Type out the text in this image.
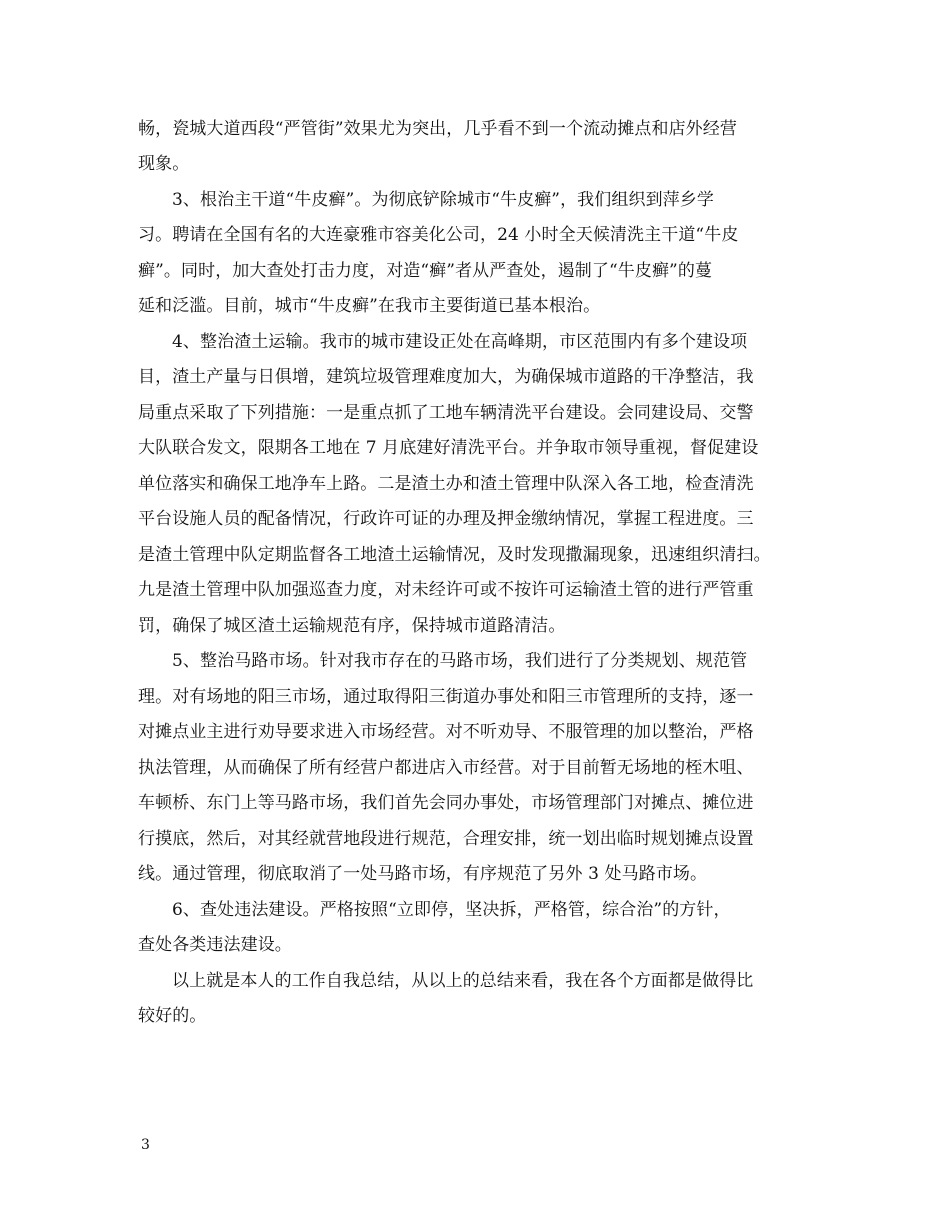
畅，瓷城大道西段“严管街”效果尤为突出，几乎看不到一个流动摊点和店外经营
现象。
3、根治主干道“牛皮癣”。为彻底铲除城市“牛皮癣”，我们组织到萍乡学
习。聘请在全国有名的大连豪雅市容美化公司，24 小时全天候清洗主干道“牛皮
癣”。同时，加大查处打击力度，对造“癣”者从严查处，遏制了“牛皮癣”的蔓
延和泛滥。目前，城市“牛皮癣”在我市主要街道已基本根治。
4、整治渣土运输。我市的城市建设正处在高峰期，市区范围内有多个建设项
目，渣土产量与日俱增，建筑垃圾管理难度加大，为确保城市道路的干净整洁，我
局重点采取了下列措施：一是重点抓了工地车辆清洗平台建设。会同建设局、交警
大队联合发文，限期各工地在 7 月底建好清洗平台。并争取市领导重视，督促建设
单位落实和确保工地净车上路。二是渣土办和渣土管理中队深入各工地，检查清洗
平台设施人员的配备情况，行政许可证的办理及押金缴纳情况，掌握工程进度。三
是渣土管理中队定期监督各工地渣土运输情况，及时发现撒漏现象，迅速组织清扫。
九是渣土管理中队加强巡查力度，对未经许可或不按许可运输渣土管的进行严管重
罚，确保了城区渣土运输规范有序，保持城市道路清洁。
5、整治马路市场。针对我市存在的马路市场，我们进行了分类规划、规范管
理。对有场地的阳三市场，通过取得阳三街道办事处和阳三市管理所的支持，逐一
对摊点业主进行劝导要求进入市场经营。对不听劝导、不服管理的加以整治，严格
执法管理，从而确保了所有经营户都进店入市经营。对于目前暂无场地的桎木咀、
车顿桥、东门上等马路市场，我们首先会同办事处，市场管理部门对摊点、摊位进
行摸底，然后，对其经就营地段进行规范，合理安排，统一划出临时规划摊点设置
线。通过管理，彻底取消了一处马路市场，有序规范了另外 3 处马路市场。
6、查处违法建设。严格按照“立即停，坚决拆，严格管，综合治”的方针，
查处各类违法建设。
以上就是本人的工作自我总结，从以上的总结来看，我在各个方面都是做得比
较好的。
3
